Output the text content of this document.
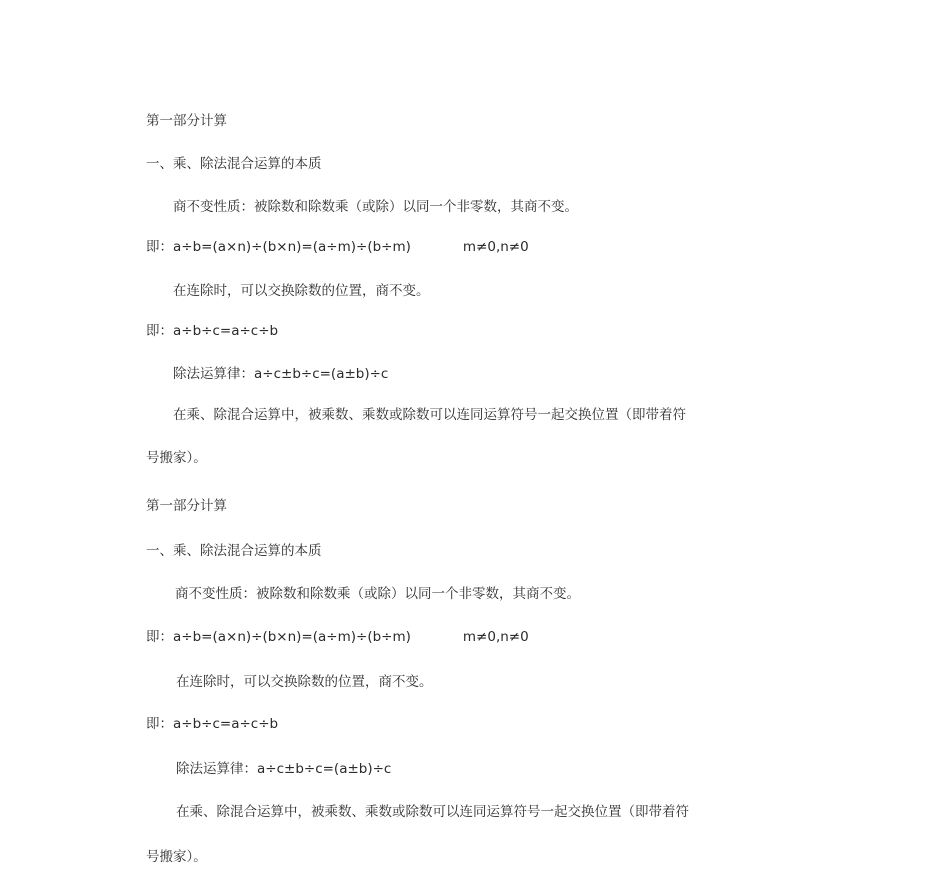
第一部分计算
一、乘、除法混合运算的本质
商不变性质：被除数和除数乘（或除）以同一个非零数，其商不变。
即：a÷b=(a×n)÷(b×n)=(a÷m)÷(b÷m)	m≠0,n≠0
在连除时，可以交换除数的位置，商不变。
即：a÷b÷c=a÷c÷b
除法运算律：a÷c±b÷c=(a±b)÷c
在乘、除混合运算中，被乘数、乘数或除数可以连同运算符号一起交换位置（即带着符
号搬家）。
第一部分计算
一、乘、除法混合运算的本质
商不变性质：被除数和除数乘（或除）以同一个非零数，其商不变。
即：a÷b=(a×n)÷(b×n)=(a÷m)÷(b÷m)	m≠0,n≠0
在连除时，可以交换除数的位置，商不变。
即：a÷b÷c=a÷c÷b
除法运算律：a÷c±b÷c=(a±b)÷c
在乘、除混合运算中，被乘数、乘数或除数可以连同运算符号一起交换位置（即带着符
号搬家）。
